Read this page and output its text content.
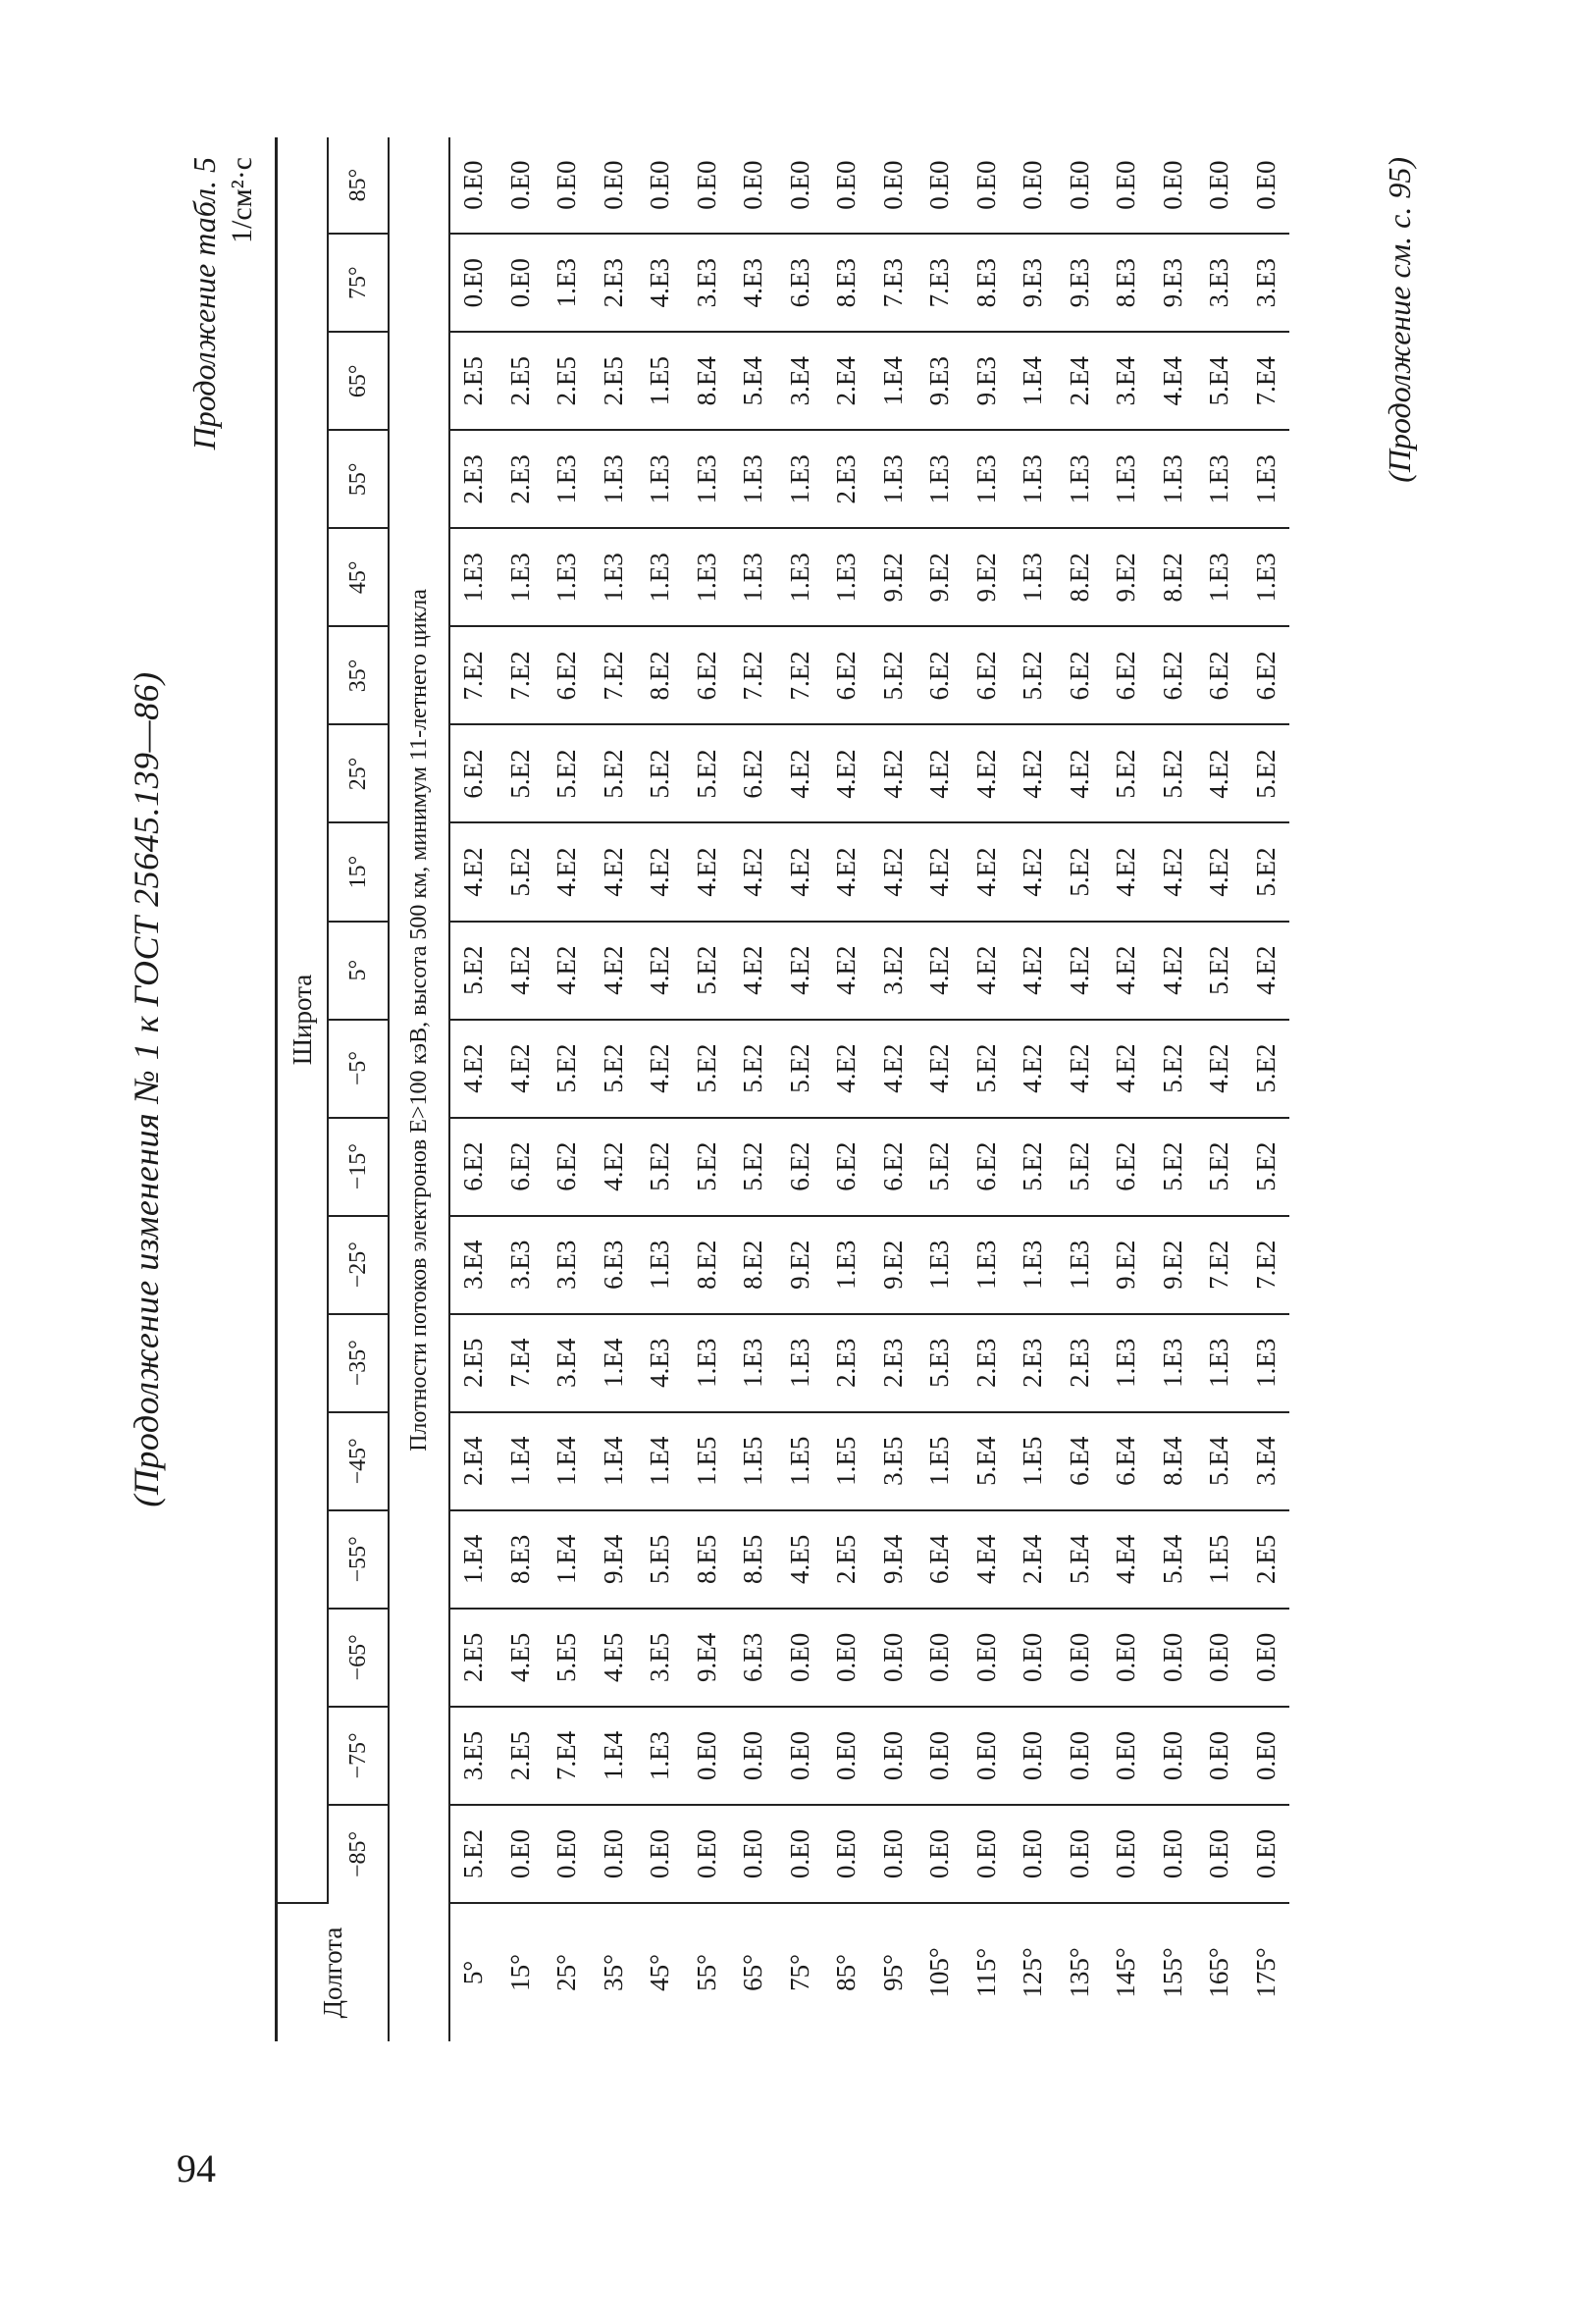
94
(Продолжение изменения № 1 к ГОСТ 25645.139—86)
Продолжение табл. 5 1/см²·с
Долгота	Широта																	
	−85°	−75°	−65°	−55°	−45°	−35°	−25°	−15°	−5°	5°	15°	25°	35°	45°	55°	65°	75°	85°
	Плотности потоков электронов E>100 кэВ, высота 500 км, минимум 11-летнего цикла																	
5°	5.E2	3.E5	2.E5	1.E4	2.E4	2.E5	3.E4	6.E2	4.E2	5.E2	4.E2	6.E2	7.E2	1.E3	2.E3	2.E5	0.E0	0.E0
15°	0.E0	2.E5	4.E5	8.E3	1.E4	7.E4	3.E3	6.E2	4.E2	4.E2	5.E2	5.E2	7.E2	1.E3	2.E3	2.E5	0.E0	0.E0
25°	0.E0	7.E4	5.E5	1.E4	1.E4	3.E4	3.E3	6.E2	5.E2	4.E2	4.E2	5.E2	6.E2	1.E3	1.E3	2.E5	1.E3	0.E0
35°	0.E0	1.E4	4.E5	9.E4	1.E4	1.E4	6.E3	4.E2	5.E2	4.E2	4.E2	5.E2	7.E2	1.E3	1.E3	2.E5	2.E3	0.E0
45°	0.E0	1.E3	3.E5	5.E5	1.E4	4.E3	1.E3	5.E2	4.E2	4.E2	4.E2	5.E2	8.E2	1.E3	1.E3	1.E5	4.E3	0.E0
55°	0.E0	0.E0	9.E4	8.E5	1.E5	1.E3	8.E2	5.E2	5.E2	5.E2	4.E2	5.E2	6.E2	1.E3	1.E3	8.E4	3.E3	0.E0
65°	0.E0	0.E0	6.E3	8.E5	1.E5	1.E3	8.E2	5.E2	5.E2	4.E2	4.E2	6.E2	7.E2	1.E3	1.E3	5.E4	4.E3	0.E0
75°	0.E0	0.E0	0.E0	4.E5	1.E5	1.E3	9.E2	6.E2	5.E2	4.E2	4.E2	4.E2	7.E2	1.E3	1.E3	3.E4	6.E3	0.E0
85°	0.E0	0.E0	0.E0	2.E5	1.E5	2.E3	1.E3	6.E2	4.E2	4.E2	4.E2	4.E2	6.E2	1.E3	2.E3	2.E4	8.E3	0.E0
95°	0.E0	0.E0	0.E0	9.E4	3.E5	2.E3	9.E2	6.E2	4.E2	3.E2	4.E2	4.E2	5.E2	9.E2	1.E3	1.E4	7.E3	0.E0
105°	0.E0	0.E0	0.E0	6.E4	1.E5	5.E3	1.E3	5.E2	4.E2	4.E2	4.E2	4.E2	6.E2	9.E2	1.E3	9.E3	7.E3	0.E0
115°	0.E0	0.E0	0.E0	4.E4	5.E4	2.E3	1.E3	6.E2	5.E2	4.E2	4.E2	4.E2	6.E2	9.E2	1.E3	9.E3	8.E3	0.E0
125°	0.E0	0.E0	0.E0	2.E4	1.E5	2.E3	1.E3	5.E2	4.E2	4.E2	4.E2	4.E2	5.E2	1.E3	1.E3	1.E4	9.E3	0.E0
135°	0.E0	0.E0	0.E0	5.E4	6.E4	2.E3	1.E3	5.E2	4.E2	4.E2	5.E2	4.E2	6.E2	8.E2	1.E3	2.E4	9.E3	0.E0
145°	0.E0	0.E0	0.E0	4.E4	6.E4	1.E3	9.E2	6.E2	4.E2	4.E2	4.E2	5.E2	6.E2	9.E2	1.E3	3.E4	8.E3	0.E0
155°	0.E0	0.E0	0.E0	5.E4	8.E4	1.E3	9.E2	5.E2	5.E2	4.E2	4.E2	5.E2	6.E2	8.E2	1.E3	4.E4	9.E3	0.E0
165°	0.E0	0.E0	0.E0	1.E5	5.E4	1.E3	7.E2	5.E2	4.E2	5.E2	4.E2	4.E2	6.E2	1.E3	1.E3	5.E4	3.E3	0.E0
175°	0.E0	0.E0	0.E0	2.E5	3.E4	1.E3	7.E2	5.E2	5.E2	4.E2	5.E2	5.E2	6.E2	1.E3	1.E3	7.E4	3.E3	0.E0	(Продолжение см. с. 95)
